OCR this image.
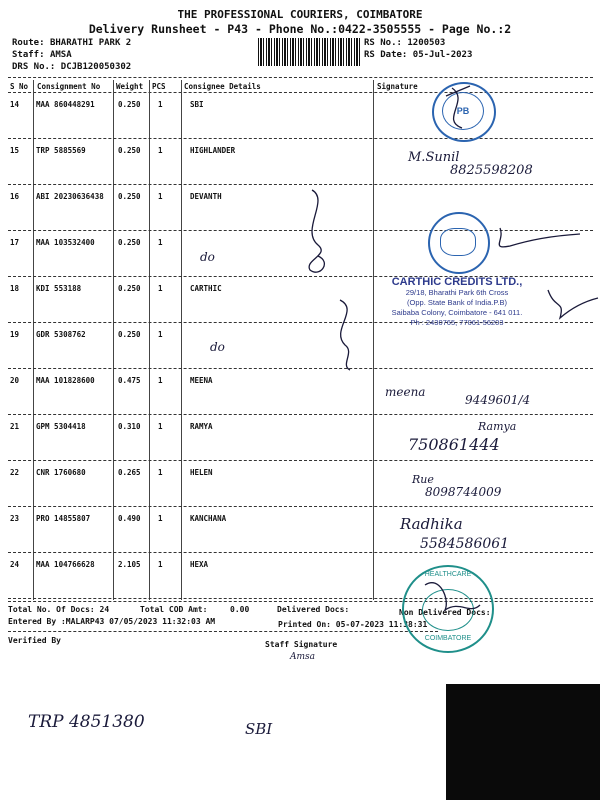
THE PROFESSIONAL COURIERS, COIMBATORE
Delivery Runsheet - P43 - Phone No.:0422-3505555 - Page No.:2
Route: BHARATHI PARK 2
Staff: AMSA
DRS No.: DCJB120050302
RS No.: 1200503
RS Date: 05-Jul-2023
S No Consignment No Weight PCS Consignee Details	Signature
14 MAA 860448291	0.250 1	SBI
15 TRP 5885569	0.250 1	HIGHLANDER
16 ABI 20230636438 0.250 1	DEVANTH
17 MAA 103532400	0.250 1
18 KDI 553188	0.250 1	CARTHIC
19 GDR 5308762	0.250 1
20 MAA 101828600	0.475 1	MEENA
21 GPM 5304418	0.310 1	RAMYA
22 CNR 1760680	0.265 1	HELEN
23 PRO 14855807	0.490 1	KANCHANA
24 MAA 104766628	2.105 1	HEXA
Total No. Of Docs: 24	Total COD Amt:	0.00	Delivered Docs:	Non Delivered Docs:
Entered By :MALARP43 07/05/2023 11:32:03 AM	Printed On: 05-07-2023 11:38:31
Verified By	Staff Signature
Amsa
PB
CARTHIC CREDITS LTD.,
29/18, Bharathi Park 6th Cross
(Opp. State Bank of India.P.B)
Saibaba Colony, Coimbatore - 641 011.
Ph : 2430765, 77061-56203
HEALTHCARE
COIMBATORE
M.Sunil
8825598208
do
do
meena
9449601/4
Ramya
750861444
Rue
8098744009
Radhika
5584586061
TRP 4851380	SBI
